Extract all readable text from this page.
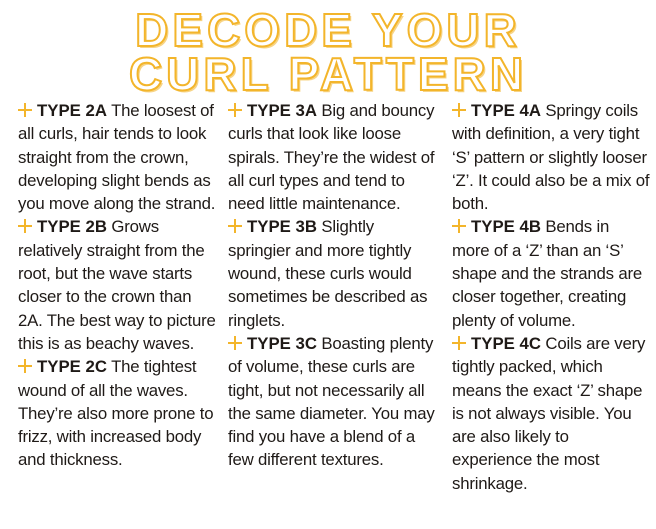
DECODE YOUR
CURL PATTERN

TYPE 2A The loosest of all curls, hair tends to look straight from the crown, developing slight bends as you move along the strand.

TYPE 2B Grows relatively straight from the root, but the wave starts closer to the crown than 2A. The best way to picture this is as beachy waves.

TYPE 2C The tightest wound of all the waves. They’re also more prone to frizz, with increased body and thickness.

TYPE 3A Big and bouncy curls that look like loose spirals. They’re the widest of all curl types and tend to need little maintenance.

TYPE 3B Slightly springier and more tightly wound, these curls would sometimes be described as ringlets.

TYPE 3C Boasting plenty of volume, these curls are tight, but not necessarily all the same diameter. You may find you have a blend of a few different textures.

TYPE 4A Springy coils with definition, a very tight ‘S’ pattern or slightly looser ‘Z’. It could also be a mix of both.

TYPE 4B Bends in more of a ‘Z’ than an ‘S’ shape and the strands are closer together, creating plenty of volume.

TYPE 4C Coils are very tightly packed, which means the exact ‘Z’ shape is not always visible. You are also likely to experience the most shrinkage.
